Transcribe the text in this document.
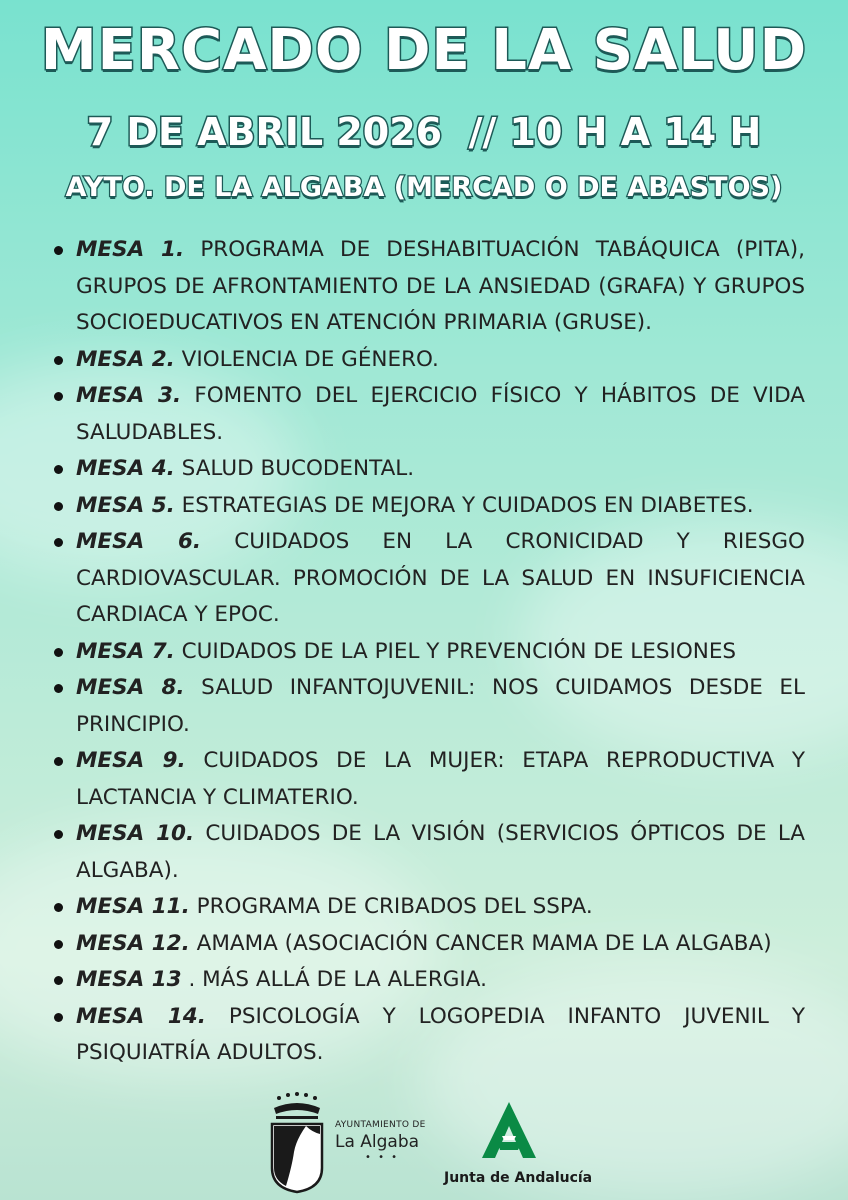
MERCADO DE LA SALUD
7 DE ABRIL 2026  // 10 H A 14 H
AYTO. DE LA ALGABA (MERCAD O DE ABASTOS)
MESA 1. PROGRAMA DE DESHABITUACIÓN TABÁQUICA (PITA), GRUPOS DE AFRONTAMIENTO DE LA ANSIEDAD (GRAFA) Y GRUPOS SOCIOEDUCATIVOS EN ATENCIÓN PRIMARIA (GRUSE).
MESA 2. VIOLENCIA DE GÉNERO.
MESA 3. FOMENTO DEL EJERCICIO FÍSICO Y HÁBITOS DE VIDA SALUDABLES.
MESA 4. SALUD BUCODENTAL.
MESA 5. ESTRATEGIAS DE MEJORA Y CUIDADOS EN DIABETES.
MESA 6. CUIDADOS EN LA CRONICIDAD Y RIESGO CARDIOVASCULAR. PROMOCIÓN DE LA SALUD EN INSUFICIENCIA CARDIACA Y EPOC.
MESA 7. CUIDADOS DE LA PIEL Y PREVENCIÓN DE LESIONES
MESA 8. SALUD INFANTOJUVENIL: NOS CUIDAMOS DESDE EL PRINCIPIO.
MESA 9. CUIDADOS DE LA MUJER: ETAPA REPRODUCTIVA Y LACTANCIA Y CLIMATERIO.
MESA 10. CUIDADOS DE LA VISIÓN (SERVICIOS ÓPTICOS DE LA ALGABA).
MESA 11. PROGRAMA DE CRIBADOS DEL SSPA.
MESA 12. AMAMA (ASOCIACIÓN CANCER MAMA DE LA ALGABA)
MESA 13 . MÁS ALLÁ DE LA ALERGIA.
MESA 14. PSICOLOGÍA Y LOGOPEDIA INFANTO JUVENIL Y PSIQUIATRÍA ADULTOS.
AYUNTAMIENTO DE
La Algaba
• • •
Junta de Andalucía
